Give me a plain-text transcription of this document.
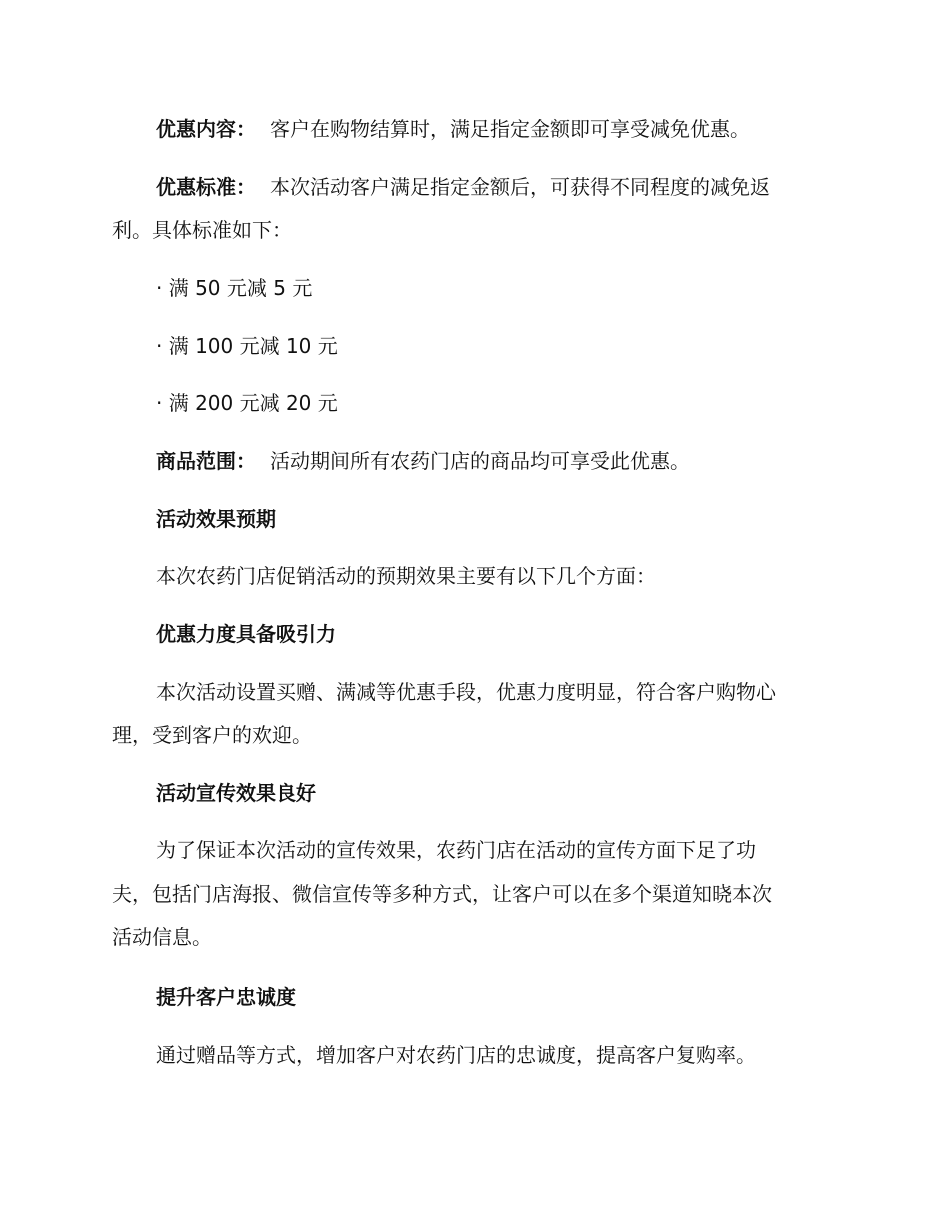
优惠内容： 客户在购物结算时，满足指定金额即可享受减免优惠。
优惠标准： 本次活动客户满足指定金额后，可获得不同程度的减免返
利。具体标准如下：
· 满 50 元减 5 元
· 满 100 元减 10 元
· 满 200 元减 20 元
商品范围： 活动期间所有农药门店的商品均可享受此优惠。
活动效果预期
本次农药门店促销活动的预期效果主要有以下几个方面：
优惠力度具备吸引力
本次活动设置买赠、满减等优惠手段，优惠力度明显，符合客户购物心
理，受到客户的欢迎。
活动宣传效果良好
为了保证本次活动的宣传效果，农药门店在活动的宣传方面下足了功
夫，包括门店海报、微信宣传等多种方式，让客户可以在多个渠道知晓本次
活动信息。
提升客户忠诚度
通过赠品等方式，增加客户对农药门店的忠诚度，提高客户复购率。
